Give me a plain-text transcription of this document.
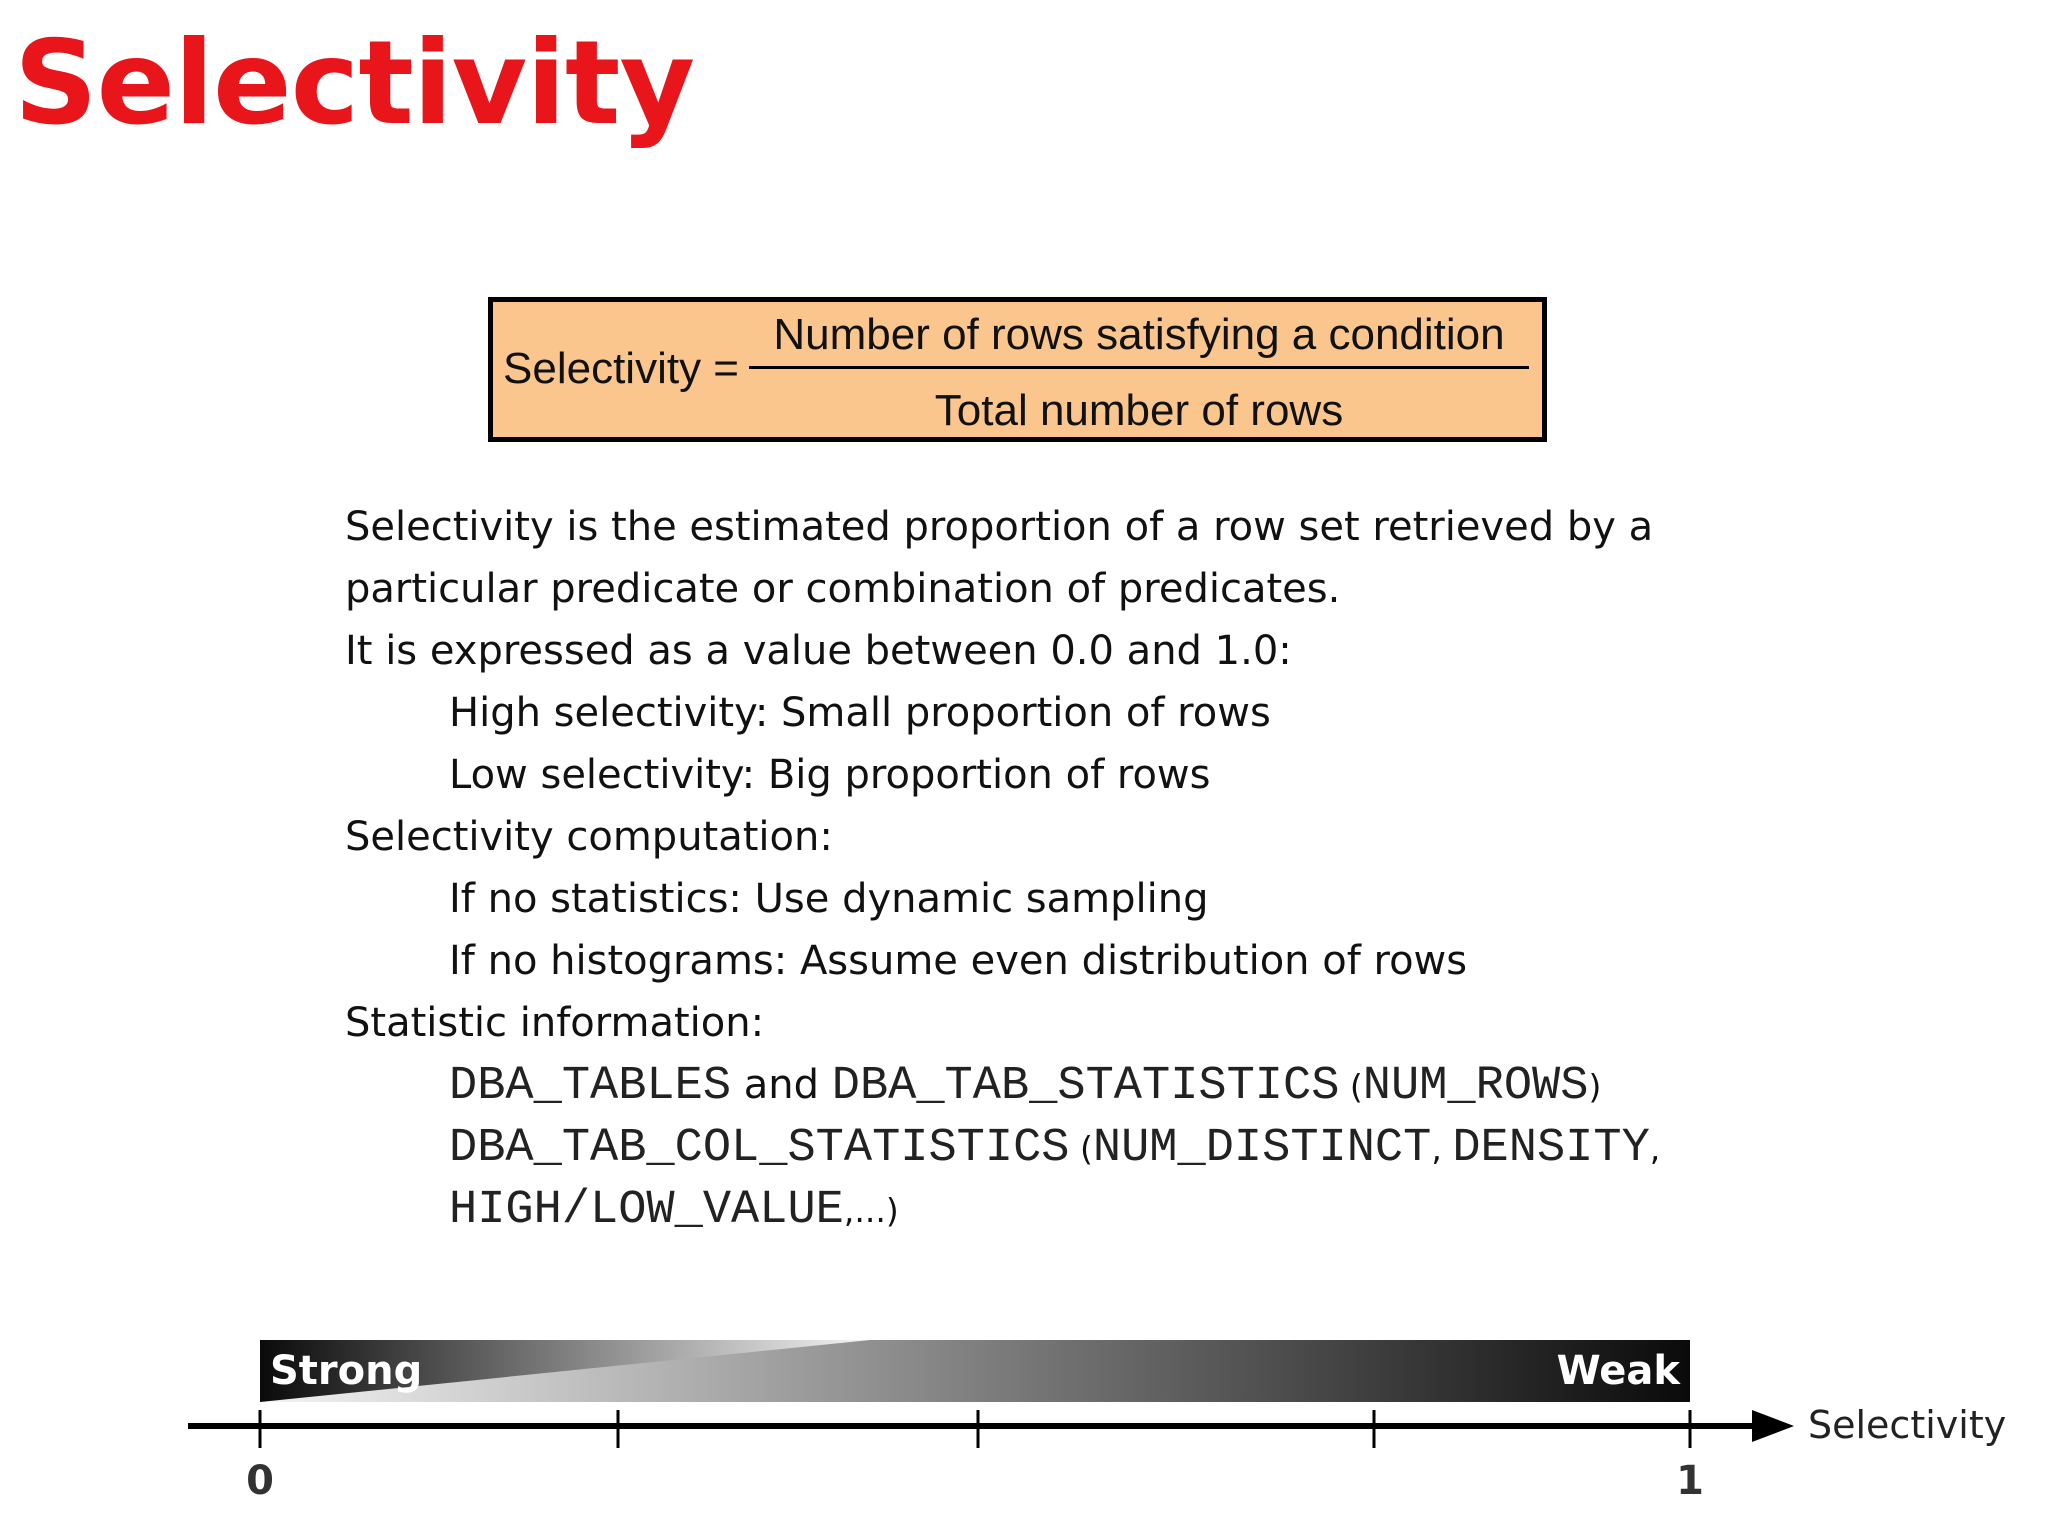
Selectivity
Selectivity =
Number of rows satisfying a condition
Total number of rows
Selectivity is the estimated proportion of a row set retrieved by a
particular predicate or combination of predicates.
It is expressed as a value between 0.0 and 1.0:
High selectivity: Small proportion of rows
Low selectivity: Big proportion of rows
Selectivity computation:
If no statistics: Use dynamic sampling
If no histograms: Assume even distribution of rows
Statistic information:
DBA_TABLES and DBA_TAB_STATISTICS (NUM_ROWS)
DBA_TAB_COL_STATISTICS (NUM_DISTINCT, DENSITY,
HIGH/LOW_VALUE,...)
Strong	Weak
0	1
Selectivity
